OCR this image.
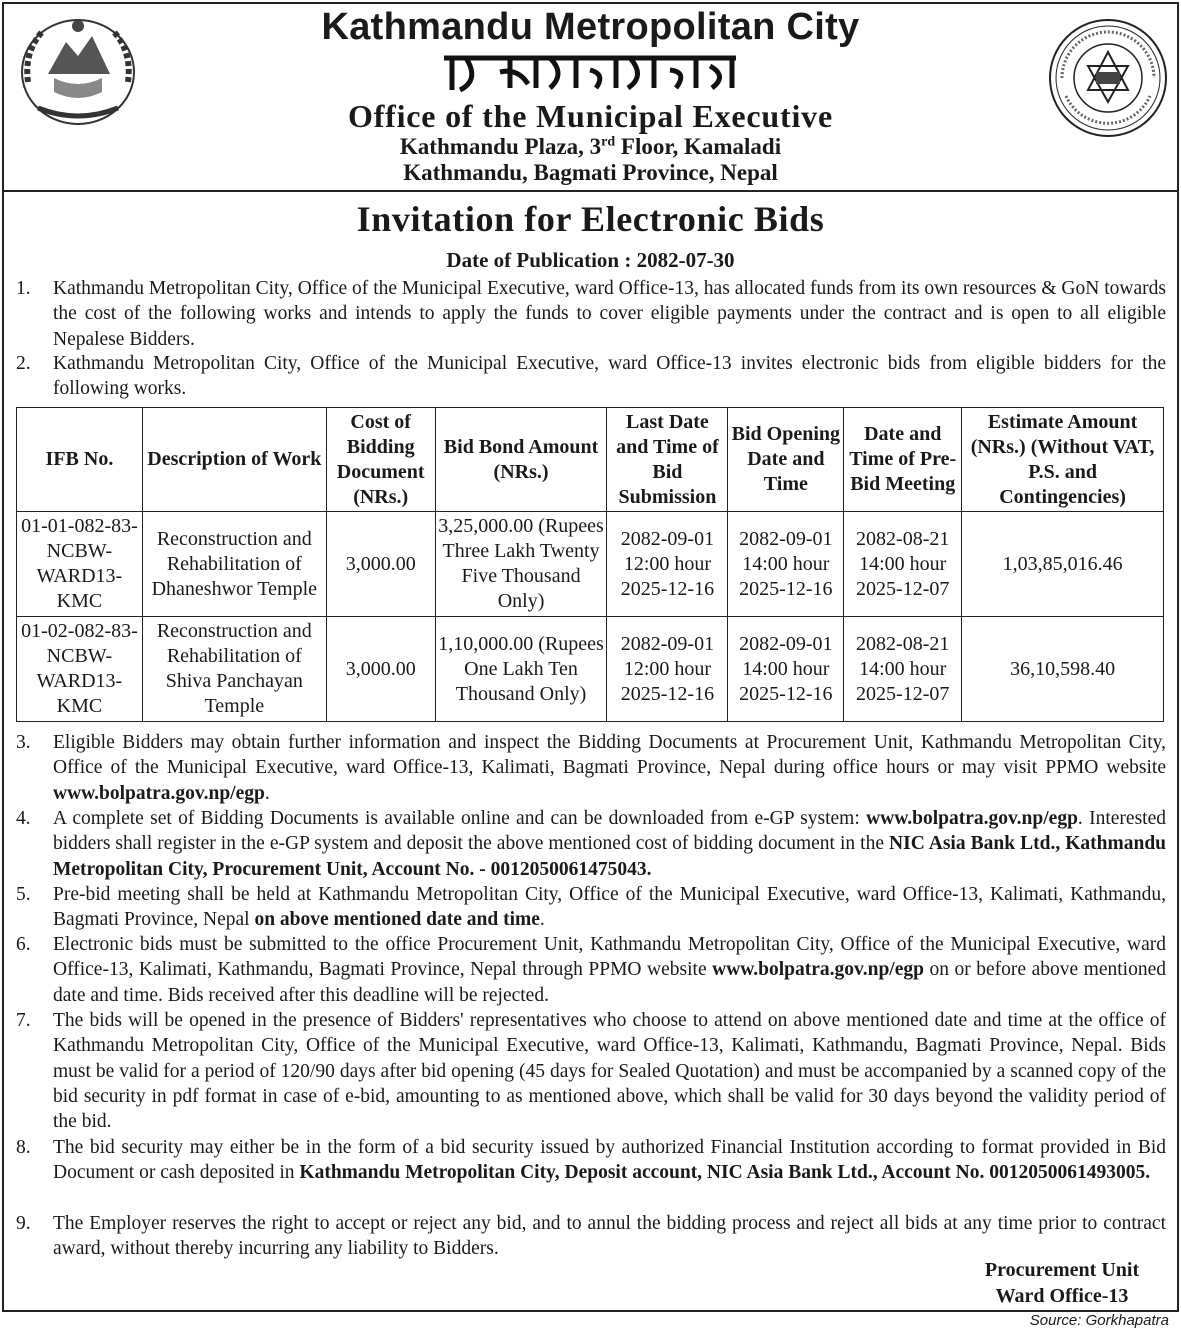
Kathmandu Metropolitan City
Office of the Municipal Executive
Kathmandu Plaza, 3rd Floor, Kamaladi
Kathmandu, Bagmati Province, Nepal
Invitation for Electronic Bids
Date of Publication : 2082-07-30
1. Kathmandu Metropolitan City, Office of the Municipal Executive, ward Office-13, has allocated funds from its own resources & GoN towards the cost of the following works and intends to apply the funds to cover eligible payments under the contract and is open to all eligible Nepalese Bidders.
2. Kathmandu Metropolitan City, Office of the Municipal Executive, ward Office-13 invites electronic bids from eligible bidders for the following works.
IFB No.	Description of Work	Cost of Bidding Document (NRs.)	Bid Bond Amount (NRs.)	Last Date and Time of Bid Submission	Bid Opening Date and Time	Date and Time of Pre-Bid Meeting	Estimate Amount (NRs.) (Without VAT, P.S. and Contingencies)
01-01-082-83-NCBW-WARD13-KMC	Reconstruction and Rehabilitation of Dhaneshwor Temple	3,000.00	3,25,000.00 (Rupees Three Lakh Twenty Five Thousand Only)	2082-09-01 12:00 hour 2025-12-16	2082-09-01 14:00 hour 2025-12-16	2082-08-21 14:00 hour 2025-12-07	1,03,85,016.46
01-02-082-83-NCBW-WARD13-KMC	Reconstruction and Rehabilitation of Shiva Panchayan Temple	3,000.00	1,10,000.00 (Rupees One Lakh Ten Thousand Only)	2082-09-01 12:00 hour 2025-12-16	2082-09-01 14:00 hour 2025-12-16	2082-08-21 14:00 hour 2025-12-07	36,10,598.40
3. Eligible Bidders may obtain further information and inspect the Bidding Documents at Procurement Unit, Kathmandu Metropolitan City, Office of the Municipal Executive, ward Office-13, Kalimati, Bagmati Province, Nepal during office hours or may visit PPMO website www.bolpatra.gov.np/egp.
4. A complete set of Bidding Documents is available online and can be downloaded from e-GP system: www.bolpatra.gov.np/egp. Interested bidders shall register in the e-GP system and deposit the above mentioned cost of bidding document in the NIC Asia Bank Ltd., Kathmandu Metropolitan City, Procurement Unit, Account No. - 0012050061475043.
5. Pre-bid meeting shall be held at Kathmandu Metropolitan City, Office of the Municipal Executive, ward Office-13, Kalimati, Kathmandu, Bagmati Province, Nepal on above mentioned date and time.
6. Electronic bids must be submitted to the office Procurement Unit, Kathmandu Metropolitan City, Office of the Municipal Executive, ward Office-13, Kalimati, Kathmandu, Bagmati Province, Nepal through PPMO website www.bolpatra.gov.np/egp on or before above mentioned date and time. Bids received after this deadline will be rejected.
7. The bids will be opened in the presence of Bidders' representatives who choose to attend on above mentioned date and time at the office of Kathmandu Metropolitan City, Office of the Municipal Executive, ward Office-13, Kalimati, Kathmandu, Bagmati Province, Nepal. Bids must be valid for a period of 120/90 days after bid opening (45 days for Sealed Quotation) and must be accompanied by a scanned copy of the bid security in pdf format in case of e-bid, amounting to as mentioned above, which shall be valid for 30 days beyond the validity period of the bid.
8. The bid security may either be in the form of a bid security issued by authorized Financial Institution according to format provided in Bid Document or cash deposited in Kathmandu Metropolitan City, Deposit account, NIC Asia Bank Ltd., Account No. 0012050061493005.
9. The Employer reserves the right to accept or reject any bid, and to annul the bidding process and reject all bids at any time prior to contract award, without thereby incurring any liability to Bidders.
Procurement Unit
Ward Office-13
Source: Gorkhapatra
